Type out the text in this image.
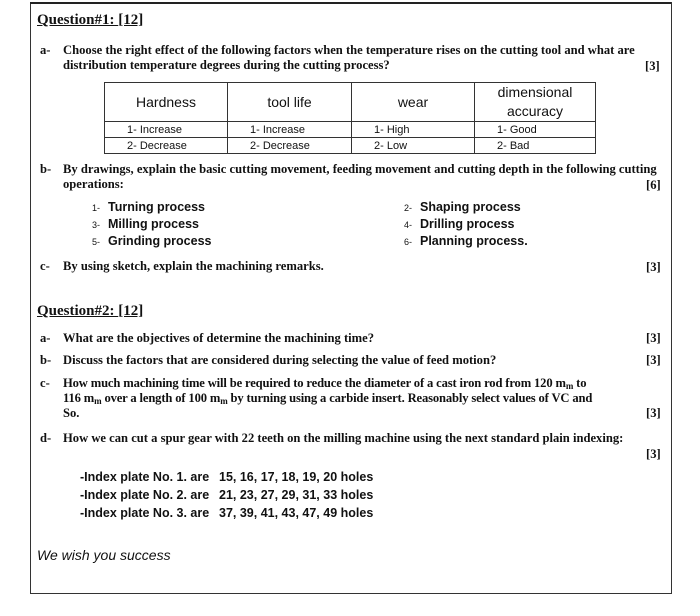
Question#1: [12]
a- Choose the right effect of the following factors when the temperature rises on the cutting tool and what are distribution temperature degrees during the cutting process?	[3]
Hardness	tool life	wear	dimensional accuracy
1- Increase	1- Increase	1- High	1- Good
2- Decrease	2- Decrease	2- Low	2- Bad
b- By drawings, explain the basic cutting movement, feeding movement and cutting depth in the following cutting operations:	[6]
1- Turning process	2- Shaping process
3- Milling process	4- Drilling process
5- Grinding process	6- Planning process.
c- By using sketch, explain the machining remarks.	[3]
Question#2: [12]
a- What are the objectives of determine the machining time?	[3]
b- Discuss the factors that are considered during selecting the value of feed motion?	[3]
c- How much machining time will be required to reduce the diameter of a cast iron rod from 120 $m_m$ to
116 $m_m$ over a length of 100 $m_m$ by turning using a carbide insert. Reasonably select values of VC and
So.	[3]
d- How we can cut a spur gear with 22 teeth on the milling machine using the next standard plain indexing:
[3]
-Index plate No. 1. are 15, 16, 17, 18, 19, 20 holes
-Index plate No. 2. are 21, 23, 27, 29, 31, 33 holes
-Index plate No. 3. are 37, 39, 41, 43, 47, 49 holes
We wish you success
